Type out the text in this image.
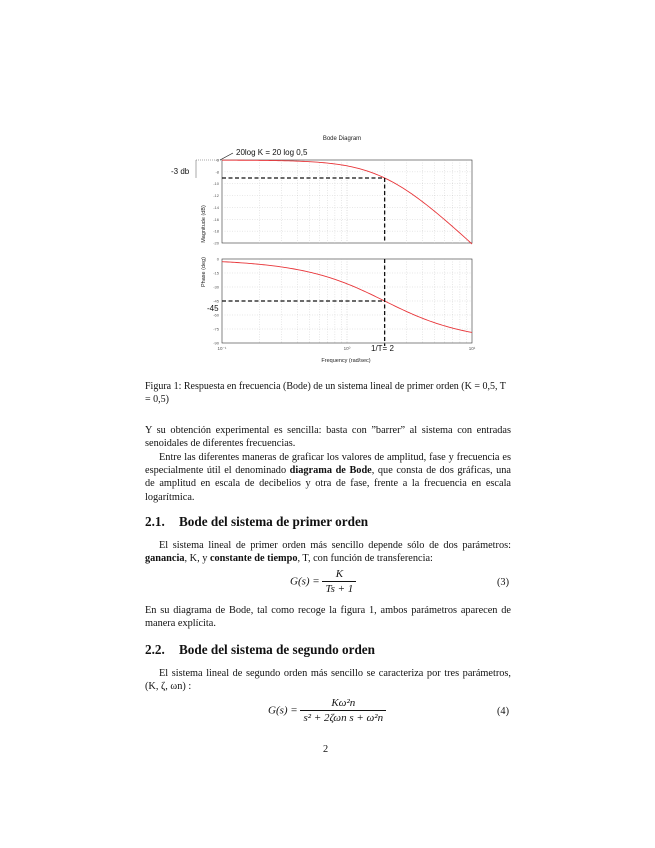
Bode Diagram
-6
-8
-10
-12
-14
-16
-18
-20
0
-15
-30
-45
-60
-75
-90
10⁻¹	10⁰	10¹
Phase (deg)
Magnitude (dB)
Frequency (rad/sec)
20log K = 20 log 0,5
-3 db
-45
1/T= 2
Figura 1: Respuesta en frecuencia (Bode) de un sistema lineal de primer orden (K = 0,5, T = 0,5)
Y su obtención experimental es sencilla: basta con ”barrer” al sistema con entradas senoidales de diferentes frecuencias.
Entre las diferentes maneras de graficar los valores de amplitud, fase y frecuencia es especialmente útil el denominado diagrama de Bode, que consta de dos gráficas, una de amplitud en escala de decibelios y otra de fase, frente a la frecuencia en escala logarítmica.
2.1. Bode del sistema de primer orden
El sistema lineal de primer orden más sencillo depende sólo de dos parámetros: ganancia, K, y constante de tiempo, T, con función de transferencia:
$G(s) = \frac{K}{Ts + 1}$	(3)
En su diagrama de Bode, tal como recoge la figura 1, ambos parámetros aparecen de manera explícita.
2.2. Bode del sistema de segundo orden
El sistema lineal de segundo orden más sencillo se caracteriza por tres parámetros, (K, ζ, ωn) :
$G(s) = \frac{\text{Kω²n}}{\text{s² + 2ζωn s + ω²n}}$	(4)
2
